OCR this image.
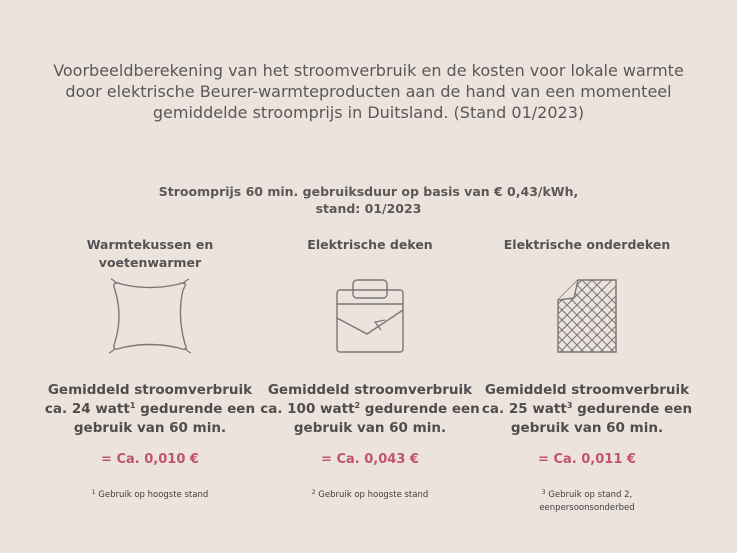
Voorbeeldberekening van het stroomverbruik en de kosten voor lokale warmte door elektrische Beurer-warmteproducten aan de hand van een momenteel gemiddelde stroomprijs in Duitsland. (Stand 01/2023)
Stroomprijs 60 min. gebruiksduur op basis van € 0,43/kWh,
stand: 01/2023
Warmtekussen en
voetenwarmer
Gemiddeld stroomverbruik
ca. 24 watt$^1$ gedurende een
gebruik van 60 min.
= Ca. 0,010 €
$^1$ Gebruik op hoogste stand
Elektrische deken
Gemiddeld stroomverbruik
ca. 100 watt$^2$ gedurende een
gebruik van 60 min.
= Ca. 0,043 €
$^2$ Gebruik op hoogste stand
Elektrische onderdeken
Gemiddeld stroomverbruik
ca. 25 watt$^3$ gedurende een
gebruik van 60 min.
= Ca. 0,011 €
$^3$ Gebruik op stand 2,
eenpersoonsonderbed
